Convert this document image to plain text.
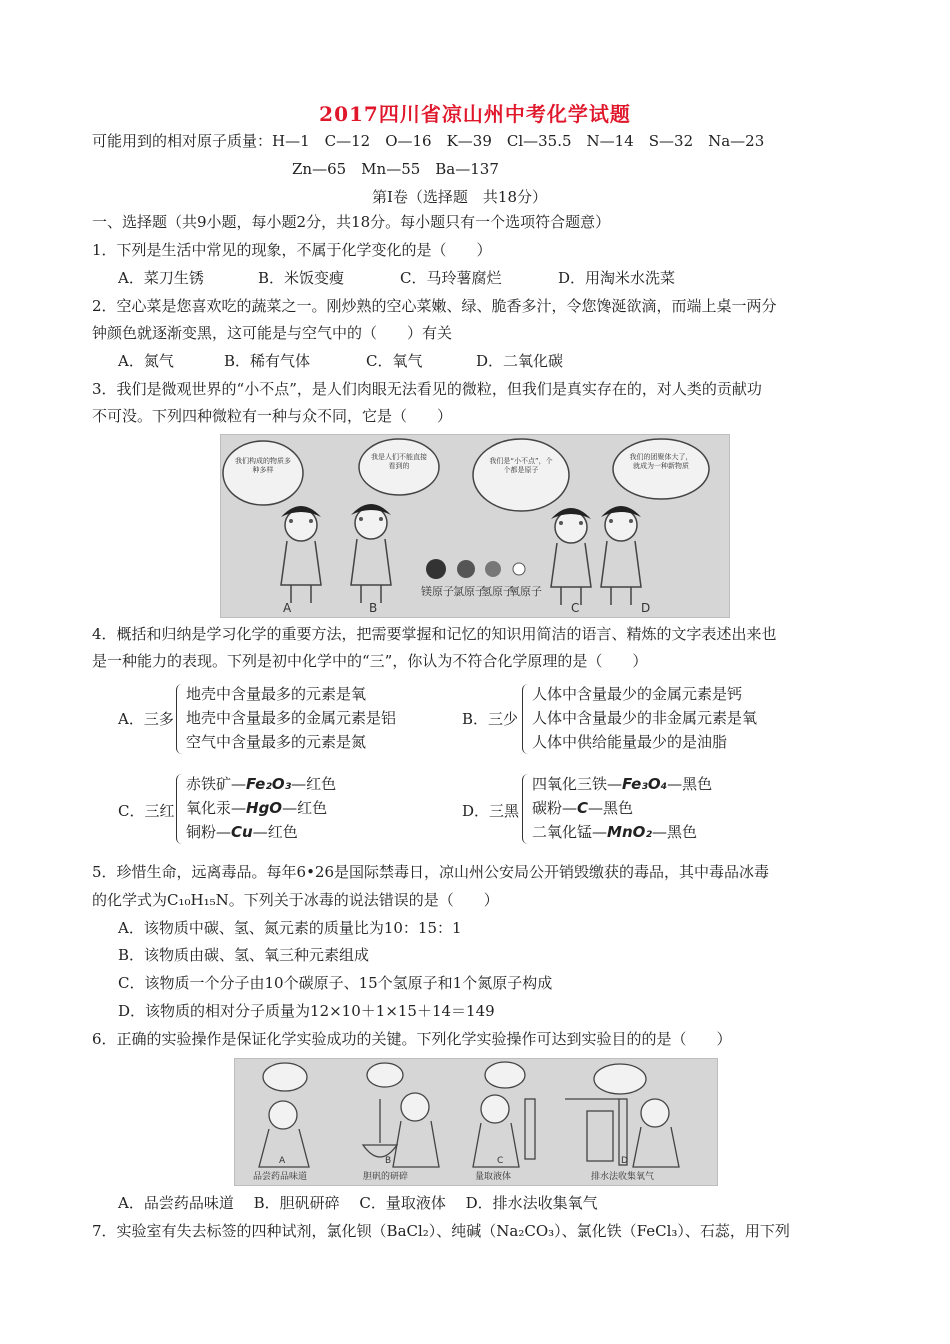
2017四川省凉山州中考化学试题
可能用到的相对原子质量：H—1　C—12　O—16　K—39　Cl—35.5　N—14　S—32　Na—23
Zn—65　Mn—55　Ba—137
第Ⅰ卷（选择题　共18分）
一、选择题（共9小题，每小题2分，共18分。每小题只有一个选项符合题意）
1．下列是生活中常见的现象，不属于化学变化的是（　　）
A．菜刀生锈	B．米饭变瘦	C．马玲薯腐烂	D．用淘米水洗菜
2．空心菜是您喜欢吃的蔬菜之一。刚炒熟的空心菜嫩、绿、脆香多汁，令您馋涎欲滴，而端上桌一两分
钟颜色就逐渐变黑，这可能是与空气中的（　　）有关
A．氮气	B．稀有气体	C．氧气	D．二氧化碳
3．我们是微观世界的“小不点”，是人们肉眼无法看见的微粒，但我们是真实存在的，对人类的贡献功
不可没。下列四种微粒有一种与众不同，它是（　　）
我们构成的物质多种多样
我是人们不能直接看到的
我们是“小不点”，个个都是原子
我们的团聚体大了，就成为一种新物质
镁原子 氯原子
氢原子
氧原子
A	B	C	D
4．概括和归纳是学习化学的重要方法，把需要掌握和记忆的知识用简洁的语言、精炼的文字表述出来也
是一种能力的表现。下列是初中化学中的“三”，你认为不符合化学原理的是（　　）
A．三多
地壳中含量最多的元素是氧
地壳中含量最多的金属元素是铝
空气中含量最多的元素是氮
B．三少
人体中含量最少的金属元素是钙
人体中含量最少的非金属元素是氧
人体中供给能量最少的是油脂
C．三红
赤铁矿—Fe₂O₃—红色
氧化汞—HgO—红色
铜粉—Cu—红色
D．三黑
四氧化三铁—Fe₃O₄—黑色
碳粉—C—黑色
二氧化锰—MnO₂—黑色
5．珍惜生命，远离毒品。每年6•26是国际禁毒日，凉山州公安局公开销毁缴获的毒品，其中毒品冰毒
的化学式为C₁₀H₁₅N。下列关于冰毒的说法错误的是（　　）
A．该物质中碳、氢、氮元素的质量比为10：15：1
B．该物质由碳、氢、氧三种元素组成
C．该物质一个分子由10个碳原子、15个氢原子和1个氮原子构成
D．该物质的相对分子质量为12×10＋1×15＋14＝149
6．正确的实验操作是保证化学实验成功的关键。下列化学实验操作可达到实验目的的是（　　）
品尝药品味道	胆矾的研碎	量取液体	排水法收集氧气
A	B	C	D
A．品尝药品味道　 B．胆矾研碎　 C．量取液体　 D．排水法收集氧气
7．实验室有失去标签的四种试剂，氯化钡（BaCl₂）、纯碱（Na₂CO₃）、氯化铁（FeCl₃）、石蕊，用下列
